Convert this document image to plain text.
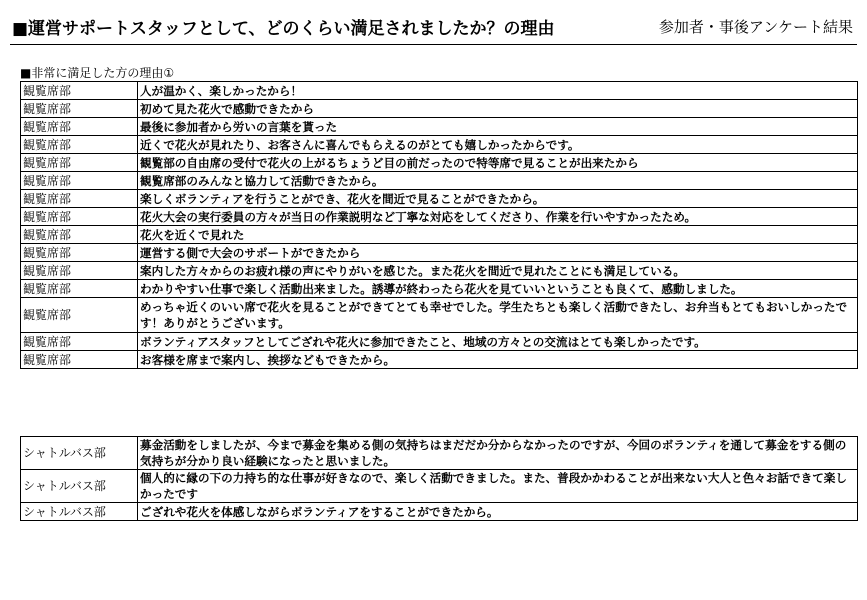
■運営サポートスタッフとして、どのくらい満足されましたか？の理由	参加者・事後アンケート結果
■非常に満足した方の理由①
観覧席部	人が温かく、楽しかったから！
観覧席部	初めて見た花火で感動できたから
観覧席部	最後に参加者から労いの言葉を貰った
観覧席部	近くで花火が見れたり、お客さんに喜んでもらえるのがとても嬉しかったからです。
観覧席部	観覧部の自由席の受付で花火の上がるちょうど目の前だったので特等席で見ることが出来たから
観覧席部	観覧席部のみんなと協力して活動できたから。
観覧席部	楽しくボランティアを行うことができ、花火を間近で見ることができたから。
観覧席部	花火大会の実行委員の方々が当日の作業説明など丁寧な対応をしてくださり、作業を行いやすかったため。
観覧席部	花火を近くで見れた
観覧席部	運営する側で大会のサポートができたから
観覧席部	案内した方々からのお疲れ様の声にやりがいを感じた。また花火を間近で見れたことにも満足している。
観覧席部	わかりやすい仕事で楽しく活動出来ました。誘導が終わったら花火を見ていいということも良くて、感動しました。
観覧席部	めっちゃ近くのいい席で花火を見ることができてとても幸せでした。学生たちとも楽しく活動できたし、お弁当もとてもおいしかったです！ありがとうございます。
観覧席部	ボランティアスタッフとしてござれや花火に参加できたこと、地域の方々との交流はとても楽しかったです。
観覧席部	お客様を席まで案内し、挨拶などもできたから。
シャトルバス部	募金活動をしましたが、今まで募金を集める側の気持ちはまだだか分からなかったのですが、今回のボランティを通して募金をする側の気持ちが分かり良い経験になったと思いました。
シャトルバス部	個人的に縁の下の力持ち的な仕事が好きなので、楽しく活動できました。また、普段かかわることが出来ない大人と色々お話できて楽しかったです
シャトルバス部	ござれや花火を体感しながらボランティアをすることができたから。
